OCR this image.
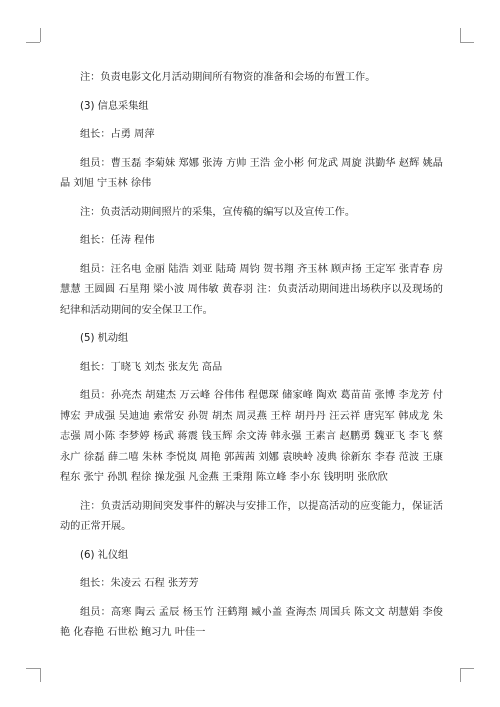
注：负责电影文化月活动期间所有物资的准备和会场的布置工作。

(3) 信息采集组

组长：占勇 周萍

组员：曹玉磊 李菊妹 郑娜 张涛 方帅 王浩 金小彬 何龙武 周旋 洪勤华 赵辉 姚晶晶 刘旭 宁玉林 徐伟

注：负责活动期间照片的采集，宣传稿的编写以及宣传工作。

组长：任涛 程伟

组员：汪名电 金丽 陆浩 刘亚 陆琦 周钧 贺书翔 齐玉林 顾声扬 王定军 张青春 房慧慧 王圆圆 石星翔 梁小波 周伟敏 黄春羽 注：负责活动期间进出场秩序以及现场的纪律和活动期间的安全保卫工作。

(5) 机动组

组长：丁晓飞 刘杰 张友先 高品

组员：孙亮杰 胡建杰 万云峰 谷伟伟 程偲琛 储家峰 陶欢 葛苗苗 张博 李龙芳 付博宏 尹成强 吴迪迪 索常安 孙贺 胡杰 周灵燕 王梓 胡丹丹 汪云祥 唐宪军 韩成龙 朱志强 周小陈 李梦婷 杨武 蒋震 钱玉辉 余文涛 韩永强 王素言 赵鹏勇 魏亚飞 李飞 蔡永广 徐磊 薛二嘻 朱林 李悦岚 周艳 郭茜茜 刘娜 袁映岭 凌典 徐新东 李春 范波 王康程东 张宁 孙凯 程徐 操龙强 凡金燕 王秉翔 陈立峰 李小东 钱明明 张欣欣

注：负责活动期间突发事件的解决与安排工作，以提高活动的应变能力，保证活动的正常开展。

(6) 礼仪组

组长：朱凌云 石程 张芳芳

组员：高寒 陶云 孟辰 杨玉竹 汪鹤翔 臧小盖 查海杰 周国兵 陈文文 胡慧娟 李俊艳 化春艳 石世松 鲍习九 叶佳一
